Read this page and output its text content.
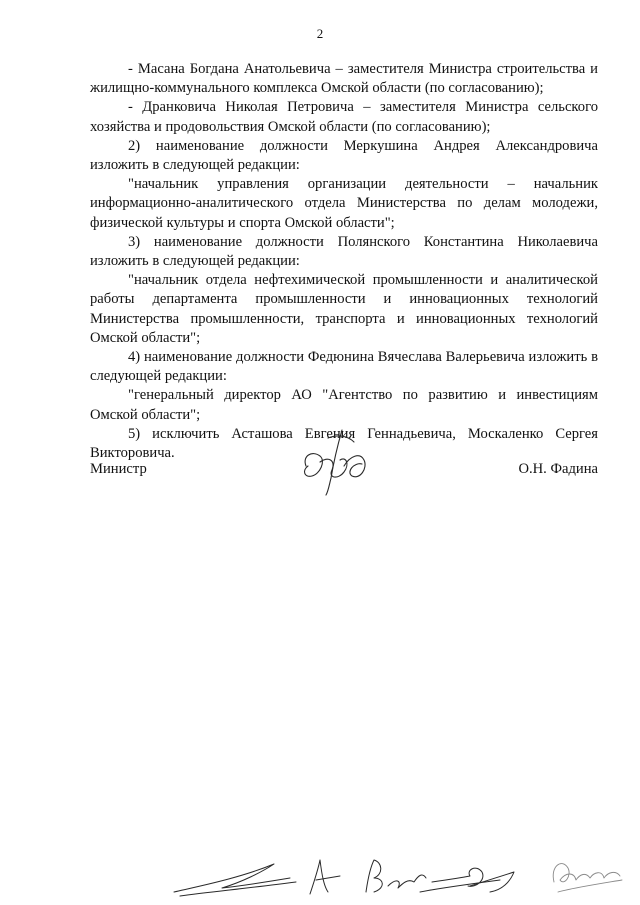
2

- Масана Богдана Анатольевича – заместителя Министра строительства и жилищно-коммунального комплекса Омской области (по согласованию);

- Дранковича Николая Петровича – заместителя Министра сельского хозяйства и продовольствия Омской области (по согласованию);

2) наименование должности Меркушина Андрея Александровича изложить в следующей редакции:

"начальник управления организации деятельности – начальник информационно-аналитического отдела Министерства по делам молодежи, физической культуры и спорта Омской области";

3) наименование должности Полянского Константина Николаевича изложить в следующей редакции:

"начальник отдела нефтехимической промышленности и аналитической работы департамента промышленности и инновационных технологий Министерства промышленности, транспорта и инновационных технологий Омской области";

4) наименование должности Федюнина Вячеслава Валерьевича изложить в следующей редакции:

"генеральный директор АО "Агентство по развитию и инвестициям Омской области";

5) исключить Асташова Евгения Геннадьевича, Москаленко Сергея Викторовича.

Министр	О.Н. Фадина
